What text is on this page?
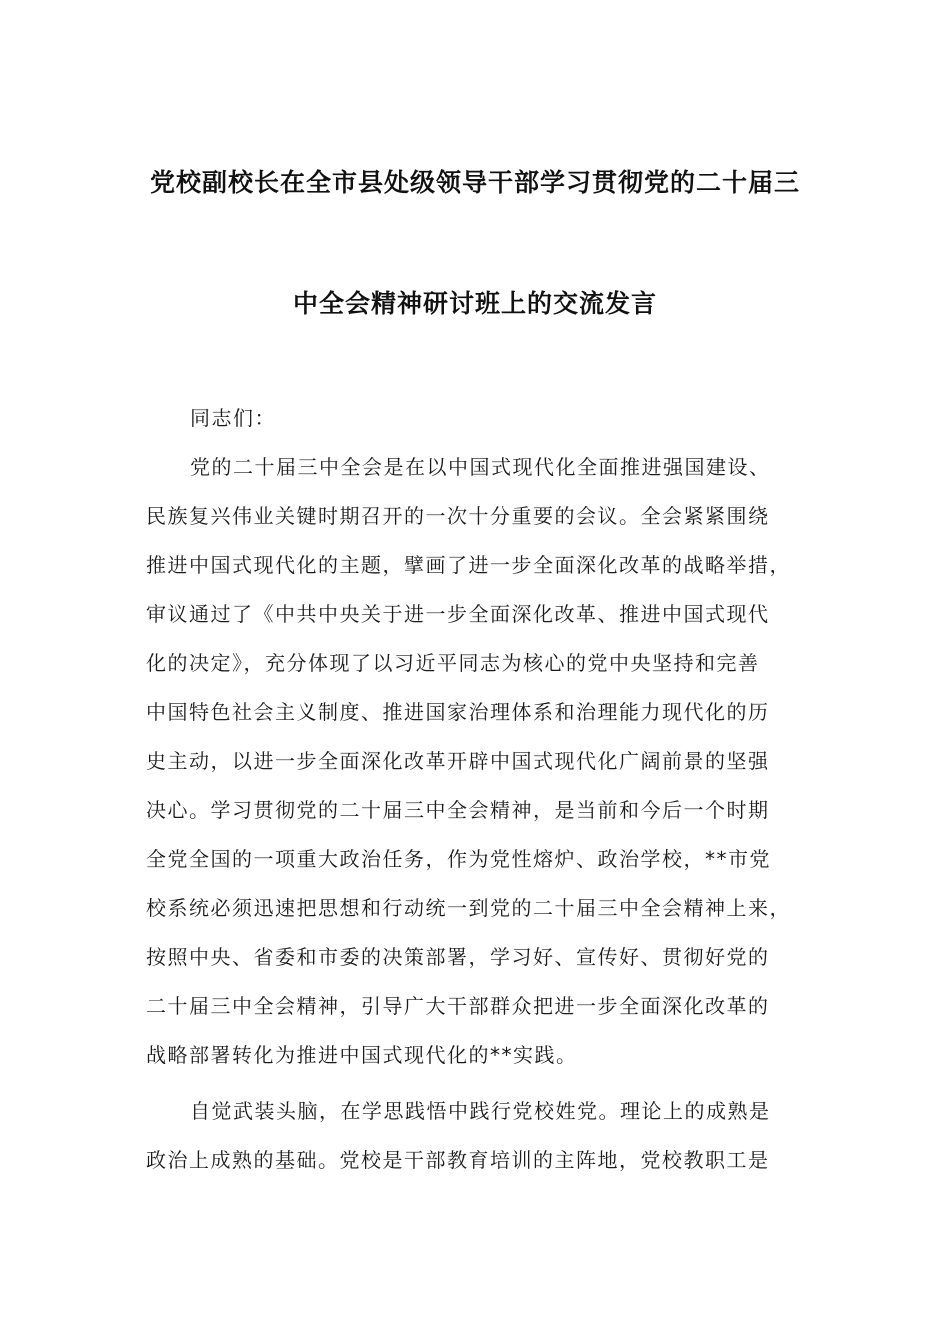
党校副校长在全市县处级领导干部学习贯彻党的二十届三
中全会精神研讨班上的交流发言
同志们：
党的二十届三中全会是在以中国式现代化全面推进强国建设、
民族复兴伟业关键时期召开的一次十分重要的会议。全会紧紧围绕
推进中国式现代化的主题，擘画了进一步全面深化改革的战略举措，
审议通过了《中共中央关于进一步全面深化改革、推进中国式现代
化的决定》，充分体现了以习近平同志为核心的党中央坚持和完善
中国特色社会主义制度、推进国家治理体系和治理能力现代化的历
史主动，以进一步全面深化改革开辟中国式现代化广阔前景的坚强
决心。学习贯彻党的二十届三中全会精神，是当前和今后一个时期
全党全国的一项重大政治任务，作为党性熔炉、政治学校，**市党
校系统必须迅速把思想和行动统一到党的二十届三中全会精神上来，
按照中央、省委和市委的决策部署，学习好、宣传好、贯彻好党的
二十届三中全会精神，引导广大干部群众把进一步全面深化改革的
战略部署转化为推进中国式现代化的**实践。
自觉武装头脑，在学思践悟中践行党校姓党。理论上的成熟是
政治上成熟的基础。党校是干部教育培训的主阵地，党校教职工是
